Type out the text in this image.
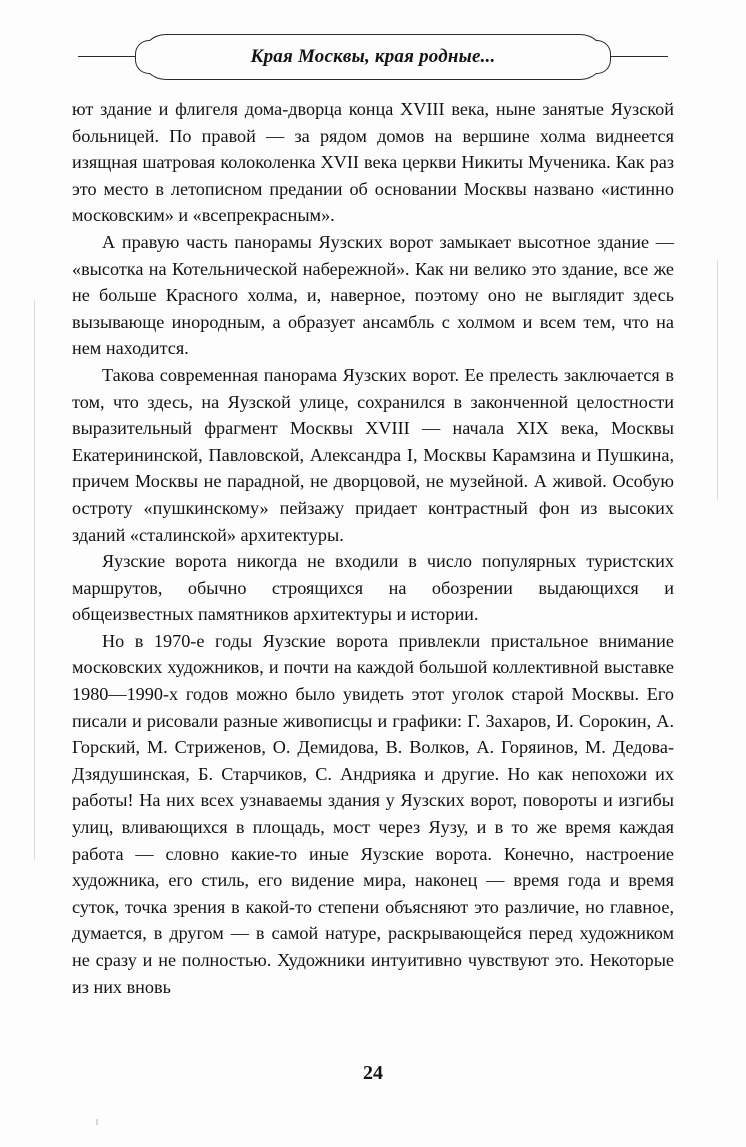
Края Москвы, края родные...

ют здание и флигеля дома-дворца конца XVIII века, ныне занятые Яузской больницей. По правой — за рядом домов на вершине холма виднеется изящная шатровая колоколенка XVII века церкви Никиты Мученика. Как раз это место в летописном предании об основании Москвы названо «истинно московским» и «всепрекрасным».

А правую часть панорамы Яузских ворот замыкает высотное здание — «высотка на Котельнической набережной». Как ни велико это здание, все же не больше Красного холма, и, наверное, поэтому оно не выглядит здесь вызывающе инородным, а образует ансамбль с холмом и всем тем, что на нем находится.

Такова современная панорама Яузских ворот. Ее прелесть заключается в том, что здесь, на Яузской улице, сохранился в законченной целостности выразительный фрагмент Москвы XVIII — начала XIX века, Москвы Екатерининской, Павловской, Александра I, Москвы Карамзина и Пушкина, причем Москвы не парадной, не дворцовой, не музейной. А живой. Особую остроту «пушкинскому» пейзажу придает контрастный фон из высоких зданий «сталинской» архитектуры.

Яузские ворота никогда не входили в число популярных туристских маршрутов, обычно строящихся на обозрении выдающихся и общеизвестных памятников архитектуры и истории.

Но в 1970-е годы Яузские ворота привлекли пристальное внимание московских художников, и почти на каждой большой коллективной выставке 1980—1990-х годов можно было увидеть этот уголок старой Москвы. Его писали и рисовали разные живописцы и графики: Г. Захаров, И. Сорокин, А. Горский, М. Стриженов, О. Демидова, В. Волков, А. Горяинов, М. Дедова-Дзядушинская, Б. Старчиков, С. Андрияка и другие. Но как непохожи их работы! На них всех узнаваемы здания у Яузских ворот, повороты и изгибы улиц, вливающихся в площадь, мост через Яузу, и в то же время каждая работа — словно какие-то иные Яузские ворота. Конечно, настроение художника, его стиль, его видение мира, наконец — время года и время суток, точка зрения в какой-то степени объясняют это различие, но главное, думается, в другом — в самой натуре, раскрывающейся перед художником не сразу и не полностью. Художники интуитивно чувствуют это. Некоторые из них вновь

24
